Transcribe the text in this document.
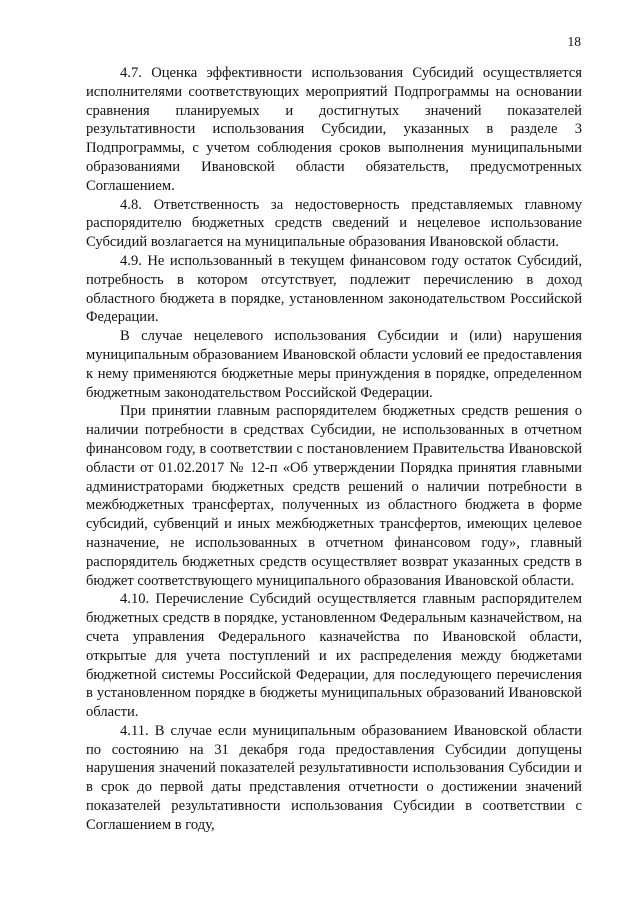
18

4.7. Оценка эффективности использования Субсидий осуществляется исполнителями соответствующих мероприятий Подпрограммы на основании сравнения планируемых и достигнутых значений показателей результативности использования Субсидии, указанных в разделе 3 Подпрограммы, с учетом соблюдения сроков выполнения муниципальными образованиями Ивановской области обязательств, предусмотренных Соглашением.

4.8. Ответственность за недостоверность представляемых главному распорядителю бюджетных средств сведений и нецелевое использование Субсидий возлагается на муниципальные образования Ивановской области.

4.9. Не использованный в текущем финансовом году остаток Субсидий, потребность в котором отсутствует, подлежит перечислению в доход областного бюджета в порядке, установленном законодательством Российской Федерации.

В случае нецелевого использования Субсидии и (или) нарушения муниципальным образованием Ивановской области условий ее предоставления к нему применяются бюджетные меры принуждения в порядке, определенном бюджетным законодательством Российской Федерации.

При принятии главным распорядителем бюджетных средств решения о наличии потребности в средствах Субсидии, не использованных в отчетном финансовом году, в соответствии с постановлением Правительства Ивановской области от 01.02.2017 № 12-п «Об утверждении Порядка принятия главными администраторами бюджетных средств решений о наличии потребности в межбюджетных трансфертах, полученных из областного бюджета в форме субсидий, субвенций и иных межбюджетных трансфертов, имеющих целевое назначение, не использованных в отчетном финансовом году», главный распорядитель бюджетных средств осуществляет возврат указанных средств в бюджет соответствующего муниципального образования Ивановской области.

4.10. Перечисление Субсидий осуществляется главным распорядителем бюджетных средств в порядке, установленном Федеральным казначейством, на счета управления Федерального казначейства по Ивановской области, открытые для учета поступлений и их распределения между бюджетами бюджетной системы Российской Федерации, для последующего перечисления в установленном порядке в бюджеты муниципальных образований Ивановской области.

4.11. В случае если муниципальным образованием Ивановской области по состоянию на 31 декабря года предоставления Субсидии допущены нарушения значений показателей результативности использования Субсидии и в срок до первой даты представления отчетности о достижении значений показателей результативности использования Субсидии в соответствии с Соглашением в году,
